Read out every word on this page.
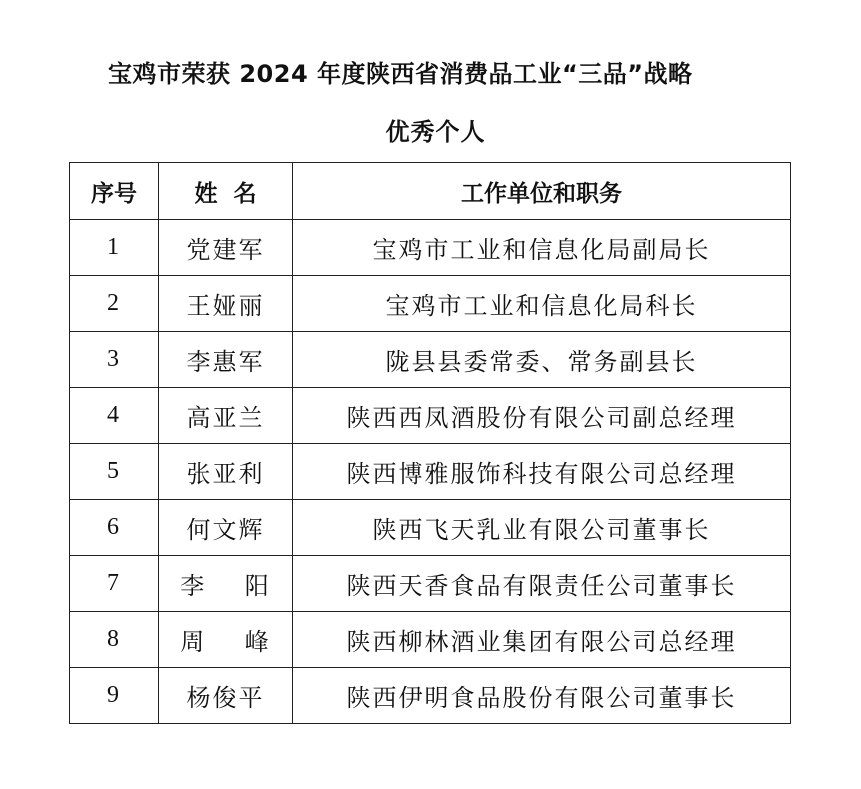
宝鸡市荣获 2024 年度陕西省消费品工业“三品”战略
优秀个人
序号	姓  名	工作单位和职务
1	党建军	宝鸡市工业和信息化局副局长
2	王娅丽	宝鸡市工业和信息化局科长
3	李惠军	陇县县委常委、常务副县长
4	高亚兰	陕西西凤酒股份有限公司副总经理
5	张亚利	陕西博雅服饰科技有限公司总经理
6	何文辉	陕西飞天乳业有限公司董事长
7	李    阳	陕西天香食品有限责任公司董事长
8	周    峰	陕西柳林酒业集团有限公司总经理
9	杨俊平	陕西伊明食品股份有限公司董事长
